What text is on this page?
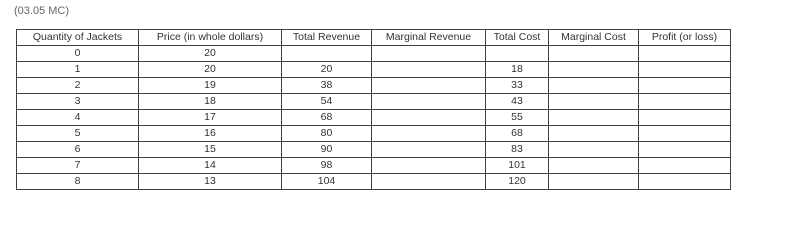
(03.05 MC)
Quantity of Jackets	Price (in whole dollars)	Total Revenue	Marginal Revenue	Total Cost	Marginal Cost	Profit (or loss)
0	20					
1	20	20		18		
2	19	38		33		
3	18	54		43		
4	17	68		55		
5	16	80		68		
6	15	90		83		
7	14	98		101		
8	13	104		120		
